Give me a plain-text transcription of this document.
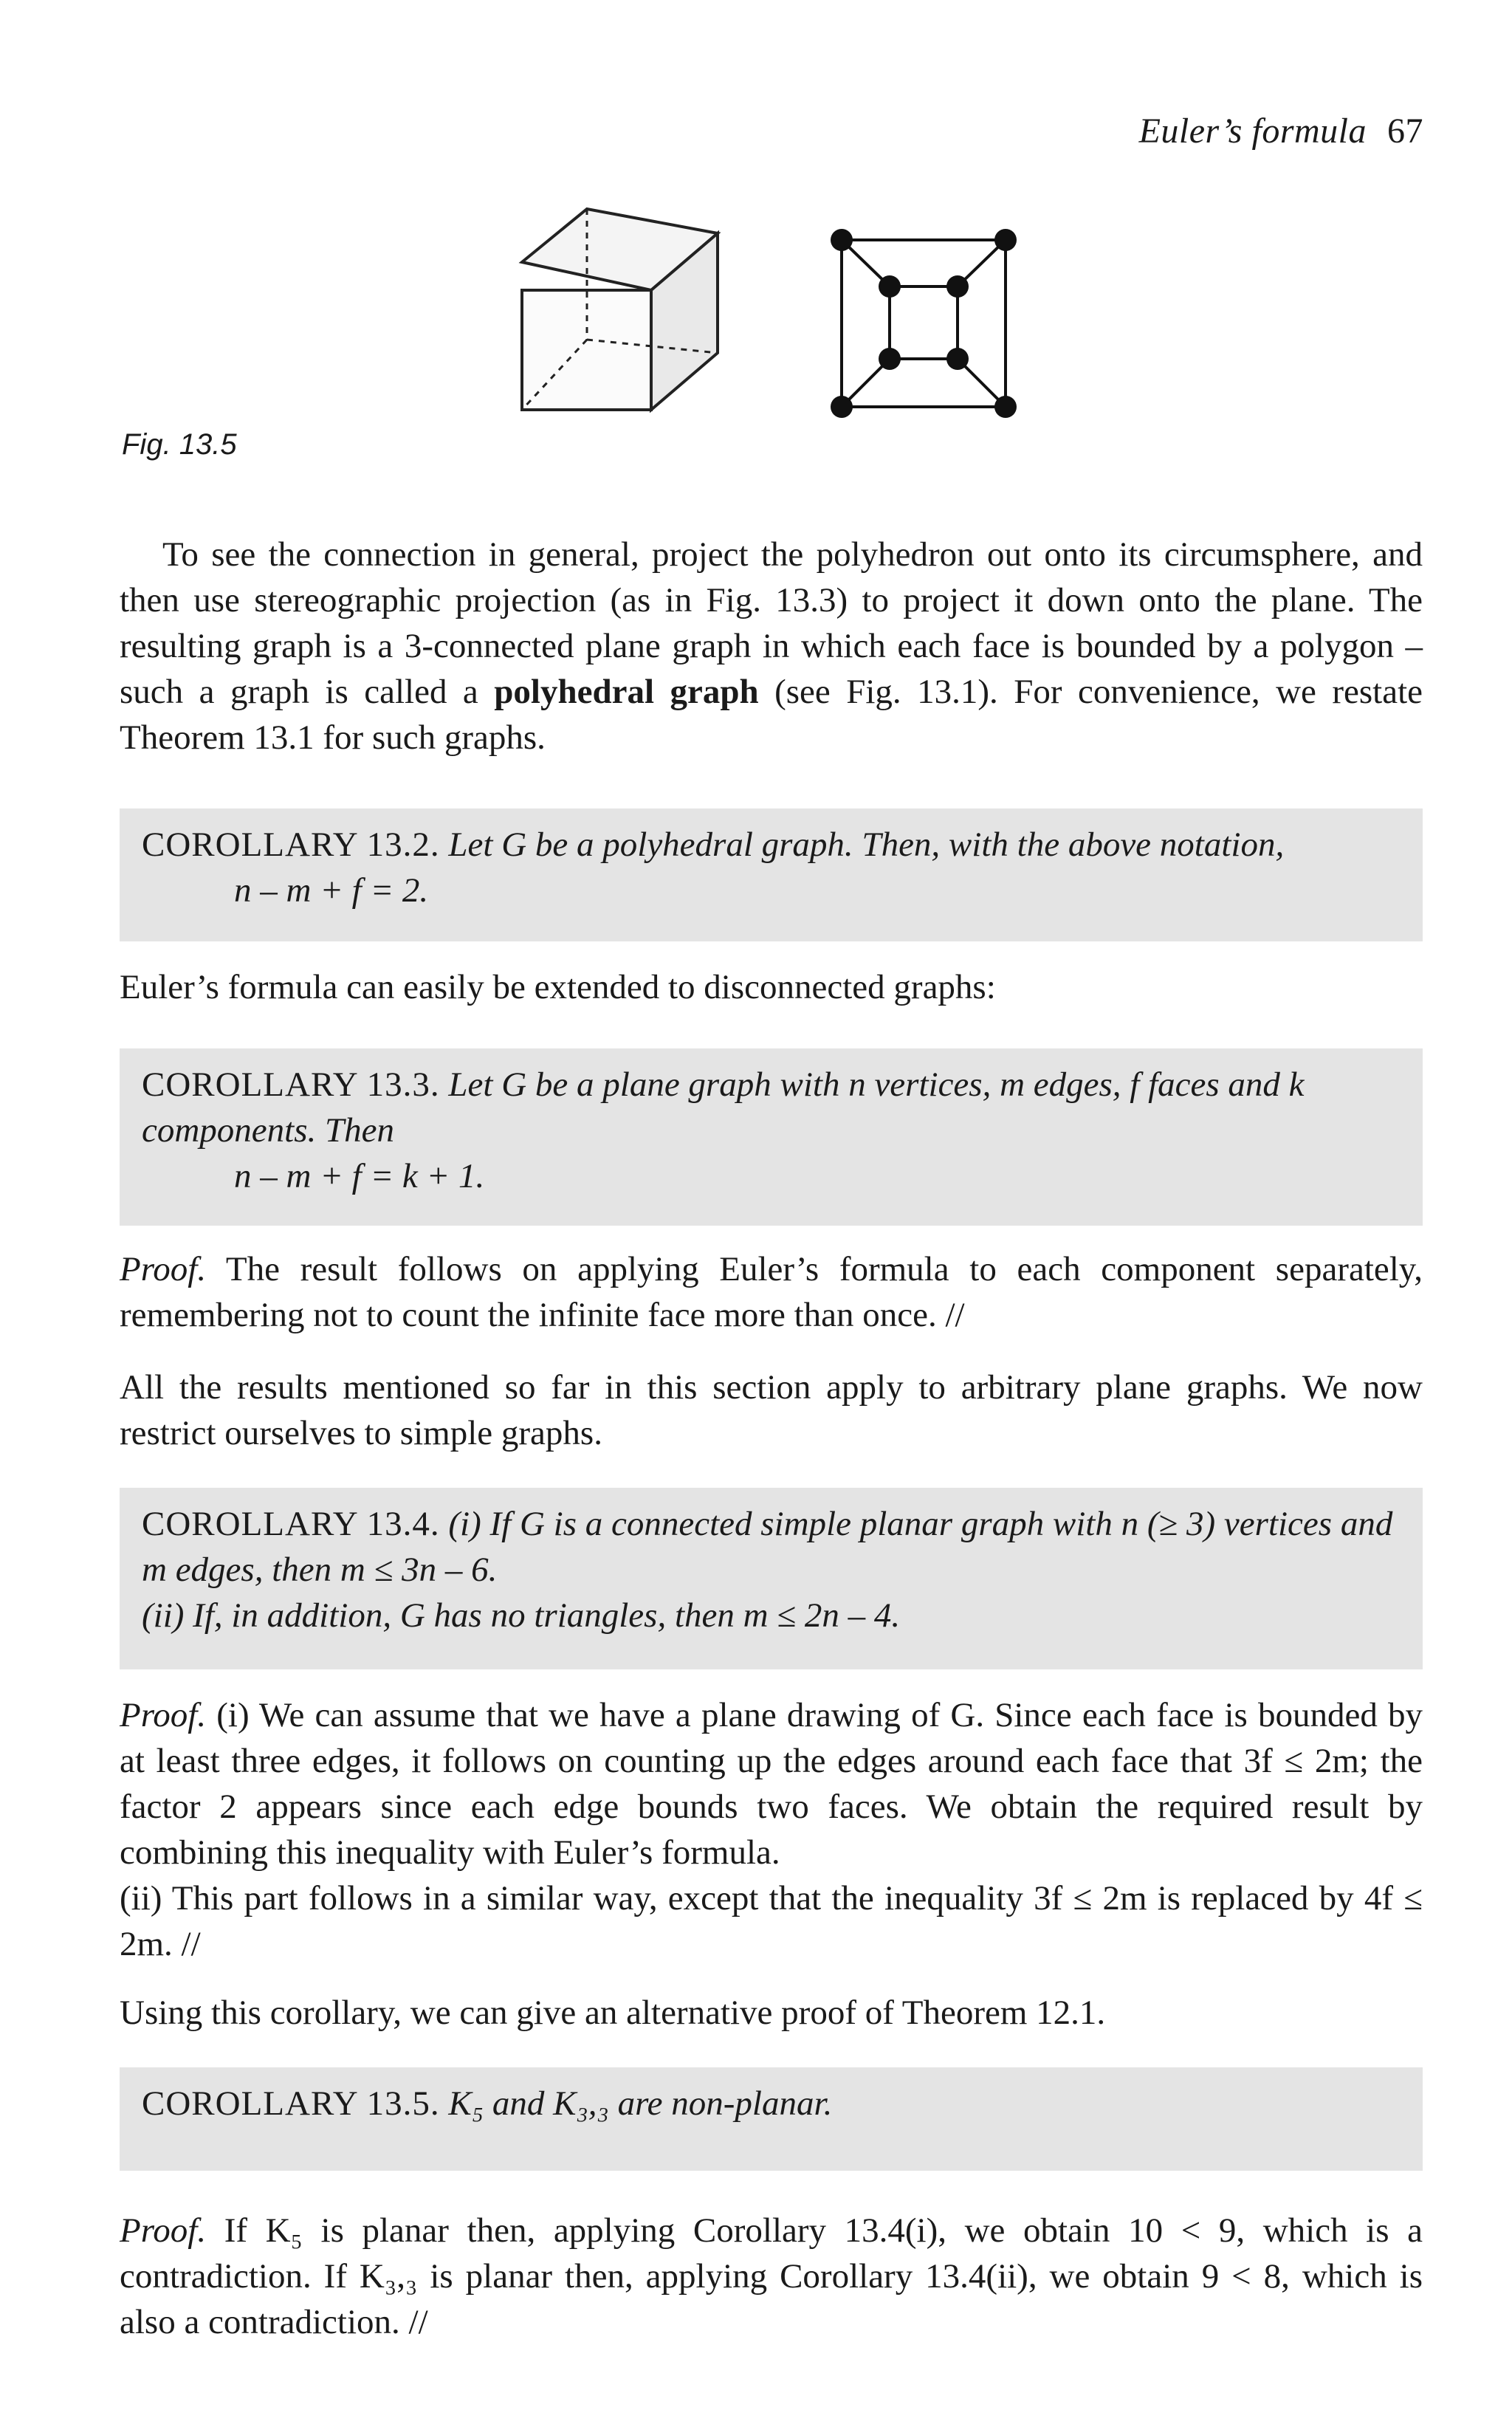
Euler’s formula 67
Fig. 13.5
To see the connection in general, project the polyhedron out onto its circumsphere, and then use stereographic projection (as in Fig. 13.3) to project it down onto the plane. The resulting graph is a 3-connected plane graph in which each face is bounded by a polygon – such a graph is called a polyhedral graph (see Fig. 13.1). For convenience, we restate Theorem 13.1 for such graphs.
COROLLARY 13.2. Let G be a polyhedral graph. Then, with the above notation,
n – m + f = 2.
Euler’s formula can easily be extended to disconnected graphs:
COROLLARY 13.3. Let G be a plane graph with n vertices, m edges, f faces and k components. Then
n – m + f = k + 1.
Proof. The result follows on applying Euler’s formula to each component separately, remembering not to count the infinite face more than once. //
All the results mentioned so far in this section apply to arbitrary plane graphs. We now restrict ourselves to simple graphs.
COROLLARY 13.4. (i) If G is a connected simple planar graph with n (≥ 3) vertices and m edges, then m ≤ 3n – 6.
(ii) If, in addition, G has no triangles, then m ≤ 2n – 4.
Proof. (i) We can assume that we have a plane drawing of G. Since each face is bounded by at least three edges, it follows on counting up the edges around each face that 3f ≤ 2m; the factor 2 appears since each edge bounds two faces. We obtain the required result by combining this inequality with Euler’s formula.
(ii) This part follows in a similar way, except that the inequality 3f ≤ 2m is replaced by 4f ≤ 2m. //
Using this corollary, we can give an alternative proof of Theorem 12.1.
COROLLARY 13.5. K₅ and K₃,₃ are non-planar.
Proof. If K₅ is planar then, applying Corollary 13.4(i), we obtain 10 < 9, which is a contradiction. If K₃,₃ is planar then, applying Corollary 13.4(ii), we obtain 9 < 8, which is also a contradiction. //
